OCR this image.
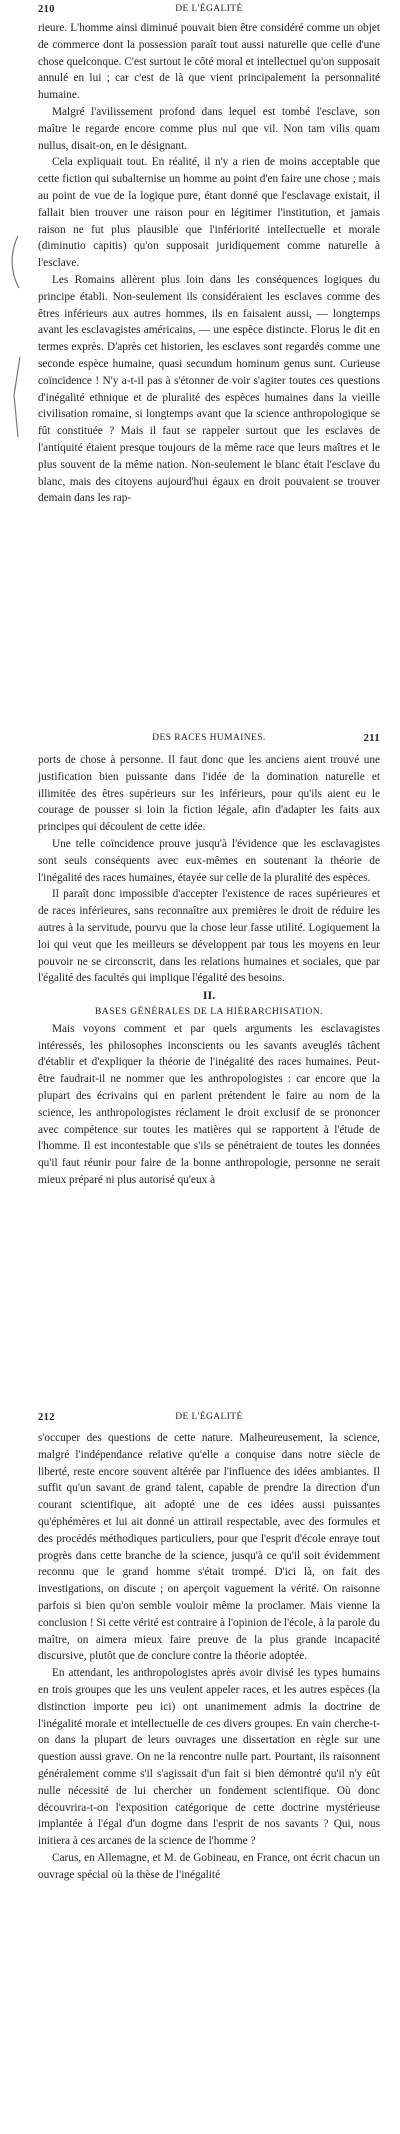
210	DE L'ÉGALITÉ

rieure. L'homme ainsi diminué pouvait bien être considéré comme un objet de commerce dont la possession paraît tout aussi naturelle que celle d'une chose quelconque. C'est surtout le côté moral et intellectuel qu'on supposait annulé en lui ; car c'est de là que vient principalement la personnalité humaine.

Malgré l'avilissement profond dans lequel est tombé l'esclave, son maître le regarde encore comme plus nul que vil. Non tam vilis quam nullus, disait-on, en le désignant.

Cela expliquait tout. En réalité, il n'y a rien de moins acceptable que cette fiction qui subalternise un homme au point d'en faire une chose ; mais au point de vue de la logique pure, étant donné que l'esclavage existait, il fallait bien trouver une raison pour en légitimer l'institution, et jamais raison ne fut plus plausible que l'infériorité intellectuelle et morale (diminutio capitis) qu'on supposait juridiquement comme naturelle à l'esclave.

Les Romains allèrent plus loin dans les conséquences logiques du principe établi. Non-seulement ils considéraient les esclaves comme des êtres inférieurs aux autres hommes, ils en faisaient aussi, — longtemps avant les esclavagistes américains, — une espèce distincte. Florus le dit en termes exprès. D'après cet historien, les esclaves sont regardés comme une seconde espèce humaine, quasi secundum hominum genus sunt. Curieuse coïncidence ! N'y a-t-il pas à s'étonner de voir s'agiter toutes ces questions d'inégalité ethnique et de pluralité des espèces humaines dans la vieille civilisation romaine, si longtemps avant que la science anthropologique se fût constituée ? Mais il faut se rappeler surtout que les esclaves de l'antiquité étaient presque toujours de la même race que leurs maîtres et le plus souvent de la même nation. Non-seulement le blanc était l'esclave du blanc, mais des citoyens aujourd'hui égaux en droit pouvaient se trouver demain dans les rap-

DES RACES HUMAINES.	211

ports de chose à personne. Il faut donc que les anciens aient trouvé une justification bien puissante dans l'idée de la domination naturelle et illimitée des êtres supérieurs sur les inférieurs, pour qu'ils aient eu le courage de pousser si loin la fiction légale, afin d'adapter les faits aux principes qui découlent de cette idée.

Une telle coïncidence prouve jusqu'à l'évidence que les esclavagistes sont seuls conséquents avec eux-mêmes en soutenant la théorie de l'inégalité des races humaines, étayée sur celle de la pluralité des espèces.

Il paraît donc impossible d'accepter l'existence de races supérieures et de races inférieures, sans reconnaître aux premières le droit de réduire les autres à la servitude, pourvu que la chose leur fasse utilité. Logiquement la loi qui veut que les meilleurs se développent par tous les moyens en leur pouvoir ne se circonscrit, dans les relations humaines et sociales, que par l'égalité des facultés qui implique l'égalité des besoins.

II.

BASES GÉNÉRALES DE LA HIÉRARCHISATION.

Mais voyons comment et par quels arguments les esclavagistes intéressés, les philosophes inconscients ou les savants aveuglés tâchent d'établir et d'expliquer la théorie de l'inégalité des races humaines. Peut-être faudrait-il ne nommer que les anthropologistes : car encore que la plupart des écrivains qui en parlent prétendent le faire au nom de la science, les anthropologistes réclament le droit exclusif de se prononcer avec compétence sur toutes les matières qui se rapportent à l'étude de l'homme. Il est incontestable que s'ils se pénétraient de toutes les données qu'il faut réunir pour faire de la bonne anthropologie, personne ne serait mieux préparé ni plus autorisé qu'eux à

212	DE L'ÉGALITÉ

s'occuper des questions de cette nature. Malheureusement, la science, malgré l'indépendance relative qu'elle a conquise dans notre siècle de liberté, reste encore souvent altérée par l'influence des idées ambiantes. Il suffit qu'un savant de grand talent, capable de prendre la direction d'un courant scientifique, ait adopté une de ces idées aussi puissantes qu'éphémères et lui ait donné un attirail respectable, avec des formules et des procédés méthodiques particuliers, pour que l'esprit d'école enraye tout progrès dans cette branche de la science, jusqu'à ce qu'il soit évidemment reconnu que le grand homme s'était trompé. D'ici là, on fait des investigations, on discute ; on aperçoit vaguement la vérité. On raisonne parfois si bien qu'on semble vouloir même la proclamer. Mais vienne la conclusion ! Si cette vérité est contraire à l'opinion de l'école, à la parole du maître, on aimera mieux faire preuve de la plus grande incapacité discursive, plutôt que de conclure contre la théorie adoptée.

En attendant, les anthropologistes après avoir divisé les types humains en trois groupes que les uns veulent appeler races, et les autres espèces (la distinction importe peu ici) ont unanimement admis la doctrine de l'inégalité morale et intellectuelle de ces divers groupes. En vain cherche-t-on dans la plupart de leurs ouvrages une dissertation en règle sur une question aussi grave. On ne la rencontre nulle part. Pourtant, ils raisonnent généralement comme s'il s'agissait d'un fait si bien démontré qu'il n'y eût nulle nécessité de lui chercher un fondement scientifique. Où donc découvrira-t-on l'exposition catégorique de cette doctrine mystérieuse implantée à l'égal d'un dogme dans l'esprit de nos savants ? Qui, nous initiera à ces arcanes de la science de l'homme ?

Carus, en Allemagne, et M. de Gobineau, en France, ont écrit chacun un ouvrage spécial où la thèse de l'inégalité
